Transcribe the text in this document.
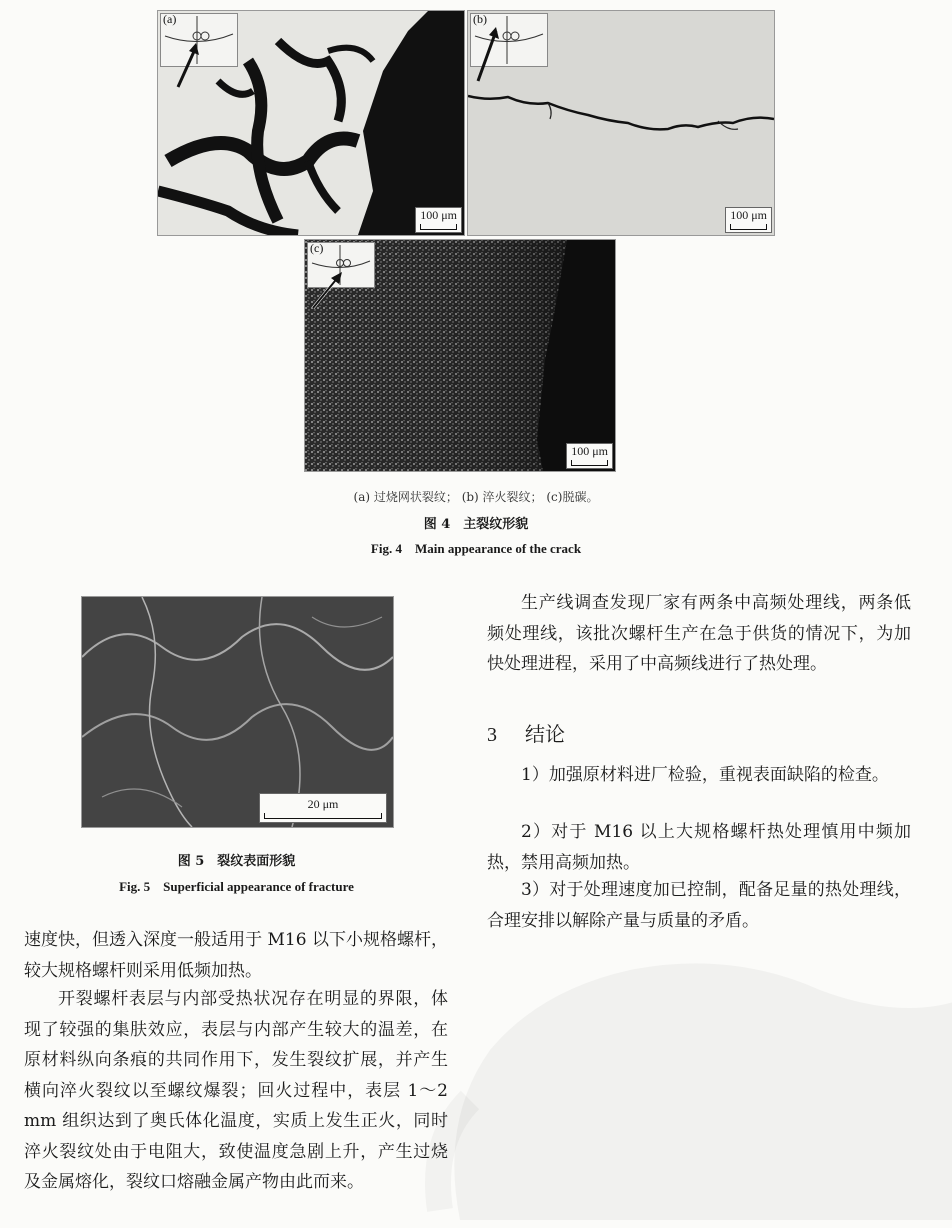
(a)
100 μm
(b)
100 μm
(c)
100 μm
(a) 过烧网状裂纹； (b) 淬火裂纹； (c)脱碳。
图 4　主裂纹形貌
Fig. 4　Main appearance of the crack
20 μm
图 5　裂纹表面形貌
Fig. 5　Superficial appearance of fracture
生产线调查发现厂家有两条中高频处理线，两条低频处理线，该批次螺杆生产在急于供货的情况下，为加快处理进程，采用了中高频线进行了热处理。
3 结论
1）加强原材料进厂检验，重视表面缺陷的检查。
2）对于 M16 以上大规格螺杆热处理慎用中频加热，禁用高频加热。
3）对于处理速度加已控制，配备足量的热处理线，合理安排以解除产量与质量的矛盾。
速度快，但透入深度一般适用于 M16 以下小规格螺杆，较大规格螺杆则采用低频加热。
开裂螺杆表层与内部受热状况存在明显的界限，体现了较强的集肤效应，表层与内部产生较大的温差，在原材料纵向条痕的共同作用下，发生裂纹扩展，并产生横向淬火裂纹以至螺纹爆裂；回火过程中，表层 1～2 mm 组织达到了奥氏体化温度，实质上发生正火，同时淬火裂纹处由于电阻大，致使温度急剧上升，产生过烧及金属熔化，裂纹口熔融金属产物由此而来。
